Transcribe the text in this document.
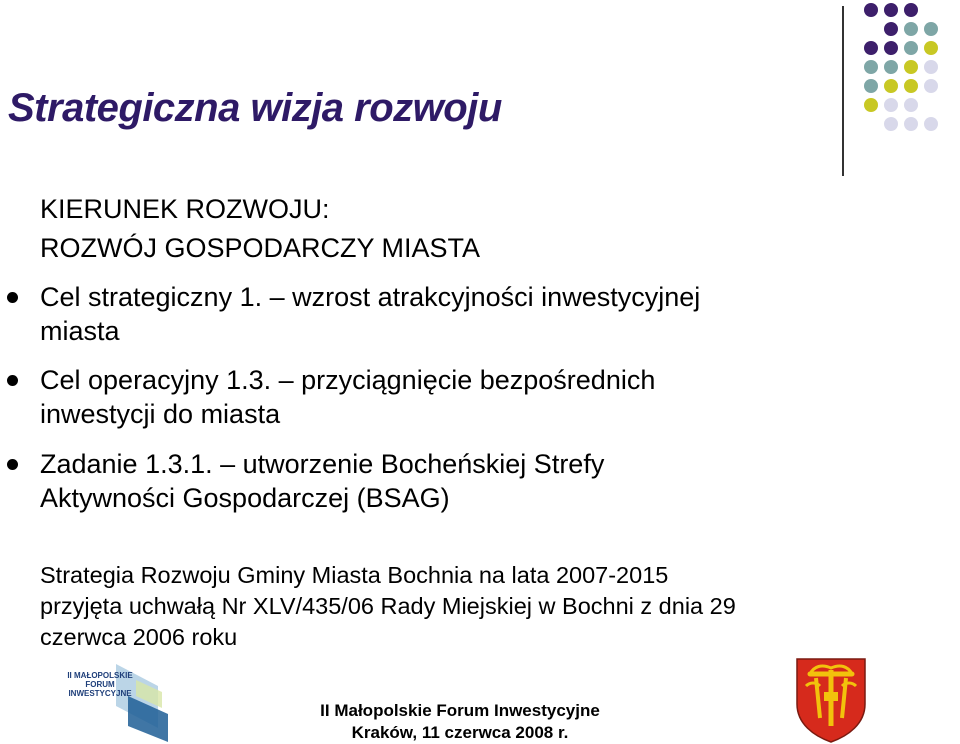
Strategiczna wizja rozwoju

KIERUNEK ROZWOJU:

ROZWÓJ GOSPODARCZY MIASTA

Cel strategiczny 1. – wzrost atrakcyjności inwestycyjnej
miasta
Cel operacyjny 1.3. – przyciągnięcie bezpośrednich
inwestycji do miasta
Zadanie 1.3.1. – utworzenie Bocheńskiej Strefy
Aktywności Gospodarczej (BSAG)
Strategia Rozwoju Gminy Miasta Bochnia na lata 2007-2015
przyjęta uchwałą Nr XLV/435/06 Rady Miejskiej w Bochni z dnia 29
czerwca 2006 roku
II MAŁOPOLSKIE
FORUM
INWESTYCYJNE
II Małopolskie Forum Inwestycyjne
Kraków, 11 czerwca 2008 r.
